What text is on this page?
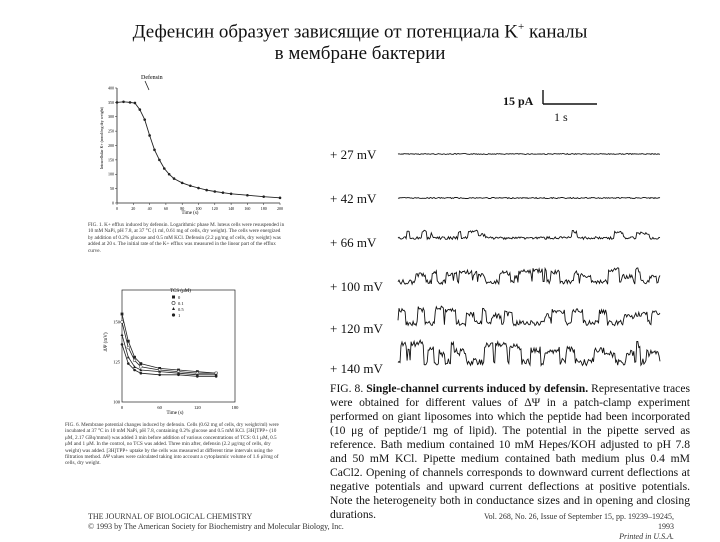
Дефенсин образует зависящие от потенциала K+ каналы
в мембране бактерии
0	20	40	60	80	100	120	140	160	180	200
0
50
100
150
200
250
300
350
400
Defensin
Time (s)
Intracellular K+ (nmol/mg dry weight)
FIG. 1. K+ efflux induced by defensin. Logarithmic phase M. luteus cells were resuspended in 10 mM NaPi, pH 7.8, at 37 °C (1 ml, 0.61 mg of cells, dry weight). The cells were energized by addition of 0.2% glucose and 0.5 mM KCl. Defensin (2.2 μg/mg of cells, dry weight) was added at 20 s. The initial rate of the K+ efflux was measured in the linear part of the efflux curve.
0	60	120	180
100
125
150
TCS (μM)
0
0.1
0.5
1
Time (s)
ΔΨ (mV)
FIG. 6. Membrane potential changes induced by defensin. Cells (0.62 mg of cells, dry weight/ml) were incubated at 37 °C in 10 mM NaPi, pH 7.8, containing 0.2% glucose and 0.5 mM KCl. [3H]TPP+ (10 μM, 2.17 GBq/mmol) was added 3 min before addition of various concentrations of TCS: 0.1 μM, 0.5 μM and 1 μM. In the control, no TCS was added. Three min after, defensin (2.2 μg/mg of cells, dry weight) was added. [3H]TPP+ uptake by the cells was measured at different time intervals using the filtration method. ΔΨ values were calculated taking into account a cytoplasmic volume of 1.6 μl/mg of cells, dry weight.
15 pA
1 s
+ 27 mV
+ 42 mV
+ 66 mV
+ 100 mV
+ 120 mV
+ 140 mV
FIG. 8. Single-channel currents induced by defensin. Representative traces were obtained for different values of ΔΨ in a patch-clamp experiment performed on giant liposomes into which the peptide had been incorporated (10 μg of peptide/1 mg of lipid). The potential in the pipette served as reference. Bath medium contained 10 mM Hepes/KOH adjusted to pH 7.8 and 50 mM KCl. Pipette medium contained bath medium plus 0.4 mM CaCl2. Opening of channels corresponds to downward current deflections at negative potentials and upward current deflections at positive potentials. Note the heterogeneity both in conductance sizes and in opening and closing durations.
THE JOURNAL OF BIOLOGICAL CHEMISTRY
© 1993 by The American Society for Biochemistry and Molecular Biology, Inc.
Vol. 268, No. 26, Issue of September 15, pp. 19239–19245, 1993
Printed in U.S.A.
